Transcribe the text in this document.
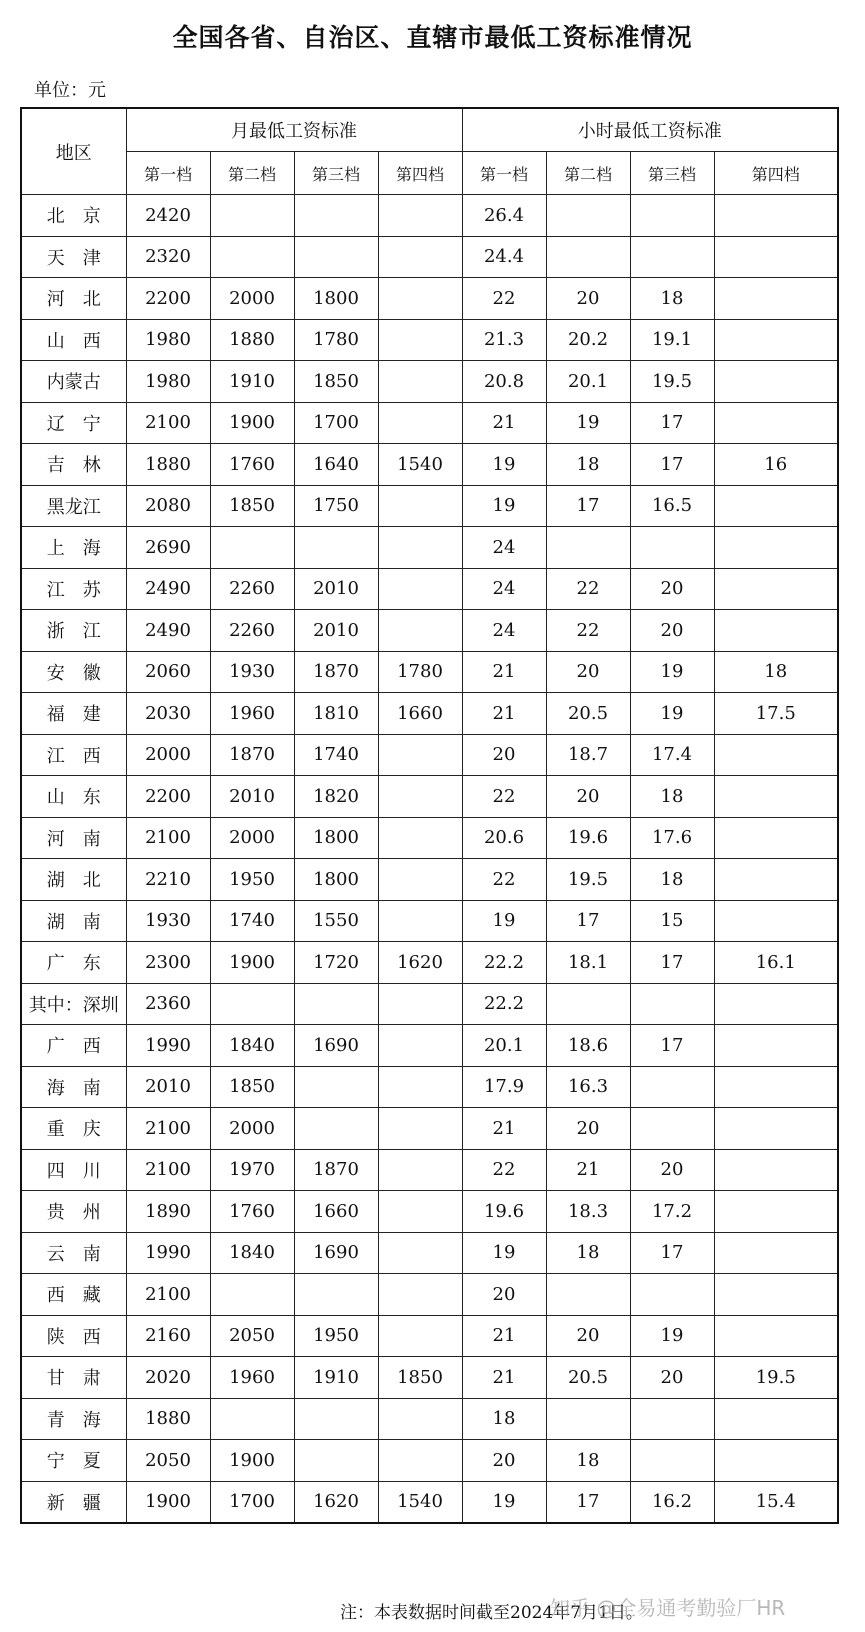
全国各省、自治区、直辖市最低工资标准情况
单位：元
地区	月最低工资标准				小时最低工资标准			
	第一档	第二档	第三档	第四档	第一档	第二档	第三档	第四档
北　京	2420				26.4			
天　津	2320				24.4			
河　北	2200	2000	1800		22	20	18	
山　西	1980	1880	1780		21.3	20.2	19.1	
内蒙古	1980	1910	1850		20.8	20.1	19.5	
辽　宁	2100	1900	1700		21	19	17	
吉　林	1880	1760	1640	1540	19	18	17	16
黑龙江	2080	1850	1750		19	17	16.5	
上　海	2690				24			
江　苏	2490	2260	2010		24	22	20	
浙　江	2490	2260	2010		24	22	20	
安　徽	2060	1930	1870	1780	21	20	19	18
福　建	2030	1960	1810	1660	21	20.5	19	17.5
江　西	2000	1870	1740		20	18.7	17.4	
山　东	2200	2010	1820		22	20	18	
河　南	2100	2000	1800		20.6	19.6	17.6	
湖　北	2210	1950	1800		22	19.5	18	
湖　南	1930	1740	1550		19	17	15	
广　东	2300	1900	1720	1620	22.2	18.1	17	16.1
其中：深圳	2360				22.2			
广　西	1990	1840	1690		20.1	18.6	17	
海　南	2010	1850			17.9	16.3		
重　庆	2100	2000			21	20		
四　川	2100	1970	1870		22	21	20	
贵　州	1890	1760	1660		19.6	18.3	17.2	
云　南	1990	1840	1690		19	18	17	
西　藏	2100				20			
陕　西	2160	2050	1950		21	20	19	
甘　肃	2020	1960	1910	1850	21	20.5	20	19.5
青　海	1880				18			
宁　夏	2050	1900			20	18		
新　疆	1900	1700	1620	1540	19	17	16.2	15.4
注：本表数据时间截至2024年7月1日。
知乎 @全易通考勤验厂HR
